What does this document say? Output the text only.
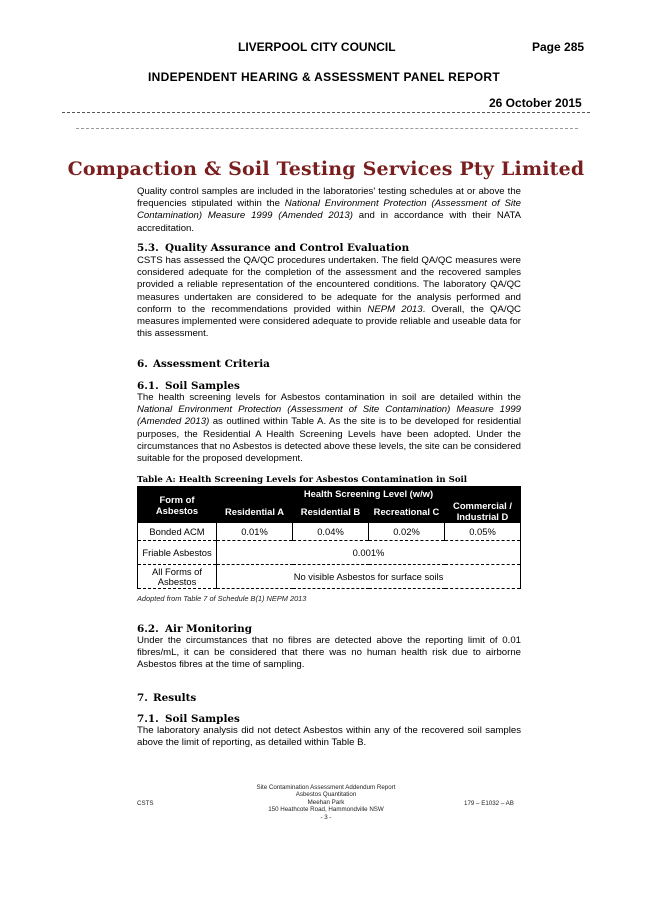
LIVERPOOL CITY COUNCIL	Page 285
INDEPENDENT HEARING & ASSESSMENT PANEL REPORT
26 October 2015
Compaction & Soil Testing Services Pty Limited

Quality control samples are included in the laboratories' testing schedules at or above the frequencies stipulated within the National Environment Protection (Assessment of Site Contamination) Measure 1999 (Amended 2013) and in accordance with their NATA accreditation.

5.3. Quality Assurance and Control Evaluation

CSTS has assessed the QA/QC procedures undertaken. The field QA/QC measures were considered adequate for the completion of the assessment and the recovered samples provided a reliable representation of the encountered conditions. The laboratory QA/QC measures undertaken are considered to be adequate for the analysis performed and conform to the recommendations provided within NEPM 2013. Overall, the QA/QC measures implemented were considered adequate to provide reliable and useable data for this assessment.

6. Assessment Criteria
6.1. Soil Samples

The health screening levels for Asbestos contamination in soil are detailed within the National Environment Protection (Assessment of Site Contamination) Measure 1999 (Amended 2013) as outlined within Table A. As the site is to be developed for residential purposes, the Residential A Health Screening Levels have been adopted. Under the circumstances that no Asbestos is detected above these levels, the site can be considered suitable for the proposed development.

Table A: Health Screening Levels for Asbestos Contamination in Soil
Form of Asbestos	Health Screening Level (w/w)			
	Residential A	Residential B	Recreational C	Commercial / Industrial D
Bonded ACM	0.01%	0.04%	0.02%	0.05%
Friable Asbestos	0.001%			
All Forms of Asbestos	No visible Asbestos for surface soils			
Adopted from Table 7 of Schedule B(1) NEPM 2013
6.2. Air Monitoring

Under the circumstances that no fibres are detected above the reporting limit of 0.01 fibres/mL, it can be considered that there was no human health risk due to airborne Asbestos fibres at the time of sampling.

7. Results
7.1. Soil Samples

The laboratory analysis did not detect Asbestos within any of the recovered soil samples above the limit of reporting, as detailed within Table B.

CSTS
Site Contamination Assessment Addendum Report
Asbestos Quantitation
Meehan Park
150 Heathcote Road, Hammondville NSW
- 3 -
179 – E1032 – AB
